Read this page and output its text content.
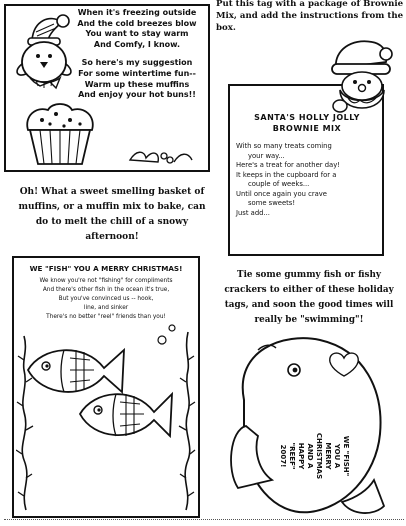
When it's freezing outside
And the cold breezes blow
You want to stay warm
And Comfy, I know.
So here's my suggestion
For some wintertime fun--
Warm up these muffins
And enjoy your hot buns!!
Put this tag with a package of Brownie Mix, and add the instructions from the box.
SANTA'S HOLLY JOLLY
BROWNIE MIX
With so many treats coming
your way...
Here's a treat for another day!
It keeps in the cupboard for a
couple of weeks...
Until once again you crave
some sweets!
Just add...
Oh! What a sweet smelling basket of muffins, or a muffin mix to bake, can do to melt the chill of a snowy afternoon!
WE "FISH" YOU A MERRY CHRISTMAS!
We know you're not "fishing" for compliments
And there's other fish in the ocean it's true,
But you've convinced us -- hook,
line, and sinker
There's no better "reel" friends than you!
Tie some gummy fish or fishy crackers to either of these holiday tags, and soon the good times will really be "swimming"!
WE "FISH"
YOU A
MERRY
CHRISTMAS
AND A
HAPPY
"REEF"
2007!
